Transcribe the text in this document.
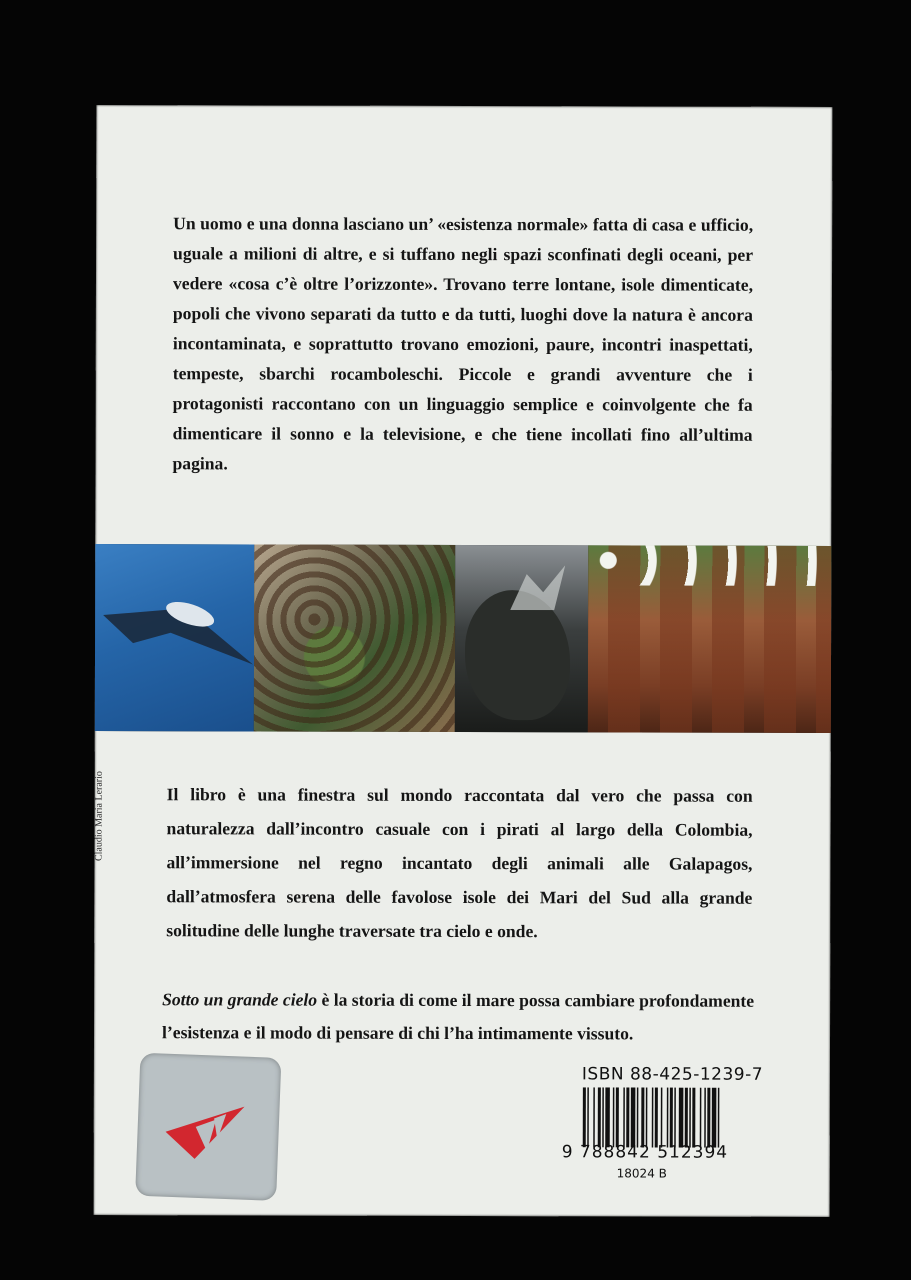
Un uomo e una donna lasciano un’ «esistenza normale» fatta di casa e ufficio, uguale a milioni di altre, e si tuffano negli spazi sconfinati degli oceani, per vedere «cosa c’è oltre l’orizzonte». Trovano terre lontane, isole dimenticate, popoli che vivono separati da tutto e da tutti, luoghi dove la natura è ancora incontaminata, e soprattutto trovano emozioni, paure, incontri inaspettati, tempeste, sbarchi rocamboleschi. Piccole e grandi avventure che i protagonisti raccontano con un linguaggio semplice e coinvolgente che fa dimenticare il sonno e la televisione, e che tiene incollati fino all’ultima pagina.

Claudio Maria Lerario	Il libro è una finestra sul mondo raccontata dal vero che passa con naturalezza dall’incontro casuale con i pirati al largo della Colombia, all’immersione nel regno incantato degli animali alle Galapagos, dall’atmosfera serena delle favolose isole dei Mari del Sud alla grande solitudine delle lunghe traversate tra cielo e onde.

Sotto un grande cielo è la storia di come il mare possa cambiare profondamente l’esistenza e il modo di pensare di chi l’ha intimamente vissuto.

ISBN 88-425-1239-7
9 788842 512394
18024 B
